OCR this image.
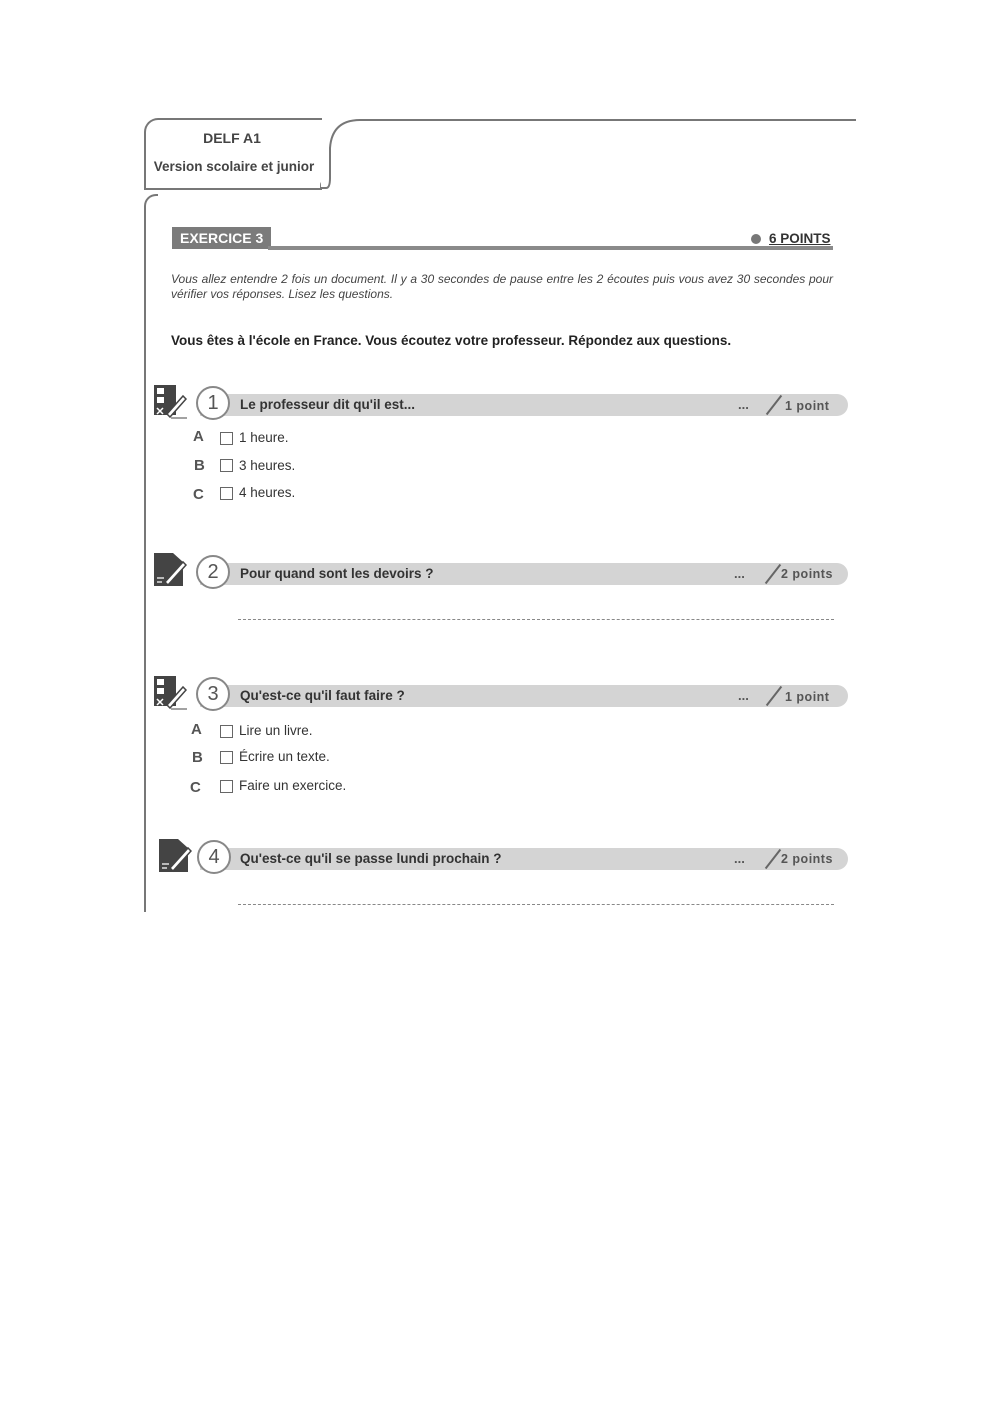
DELF A1
Version scolaire et junior
EXERCICE 3	6 POINTS
Vous allez entendre 2 fois un document. Il y a 30 secondes de pause entre les 2 écoutes puis vous avez 30 secondes pour vérifier vos réponses. Lisez les questions.
Vous êtes à l'école en France. Vous écoutez votre professeur. Répondez aux questions.
1	Le professeur dit qu'il est...	...	1 point
A	1 heure.
B	3 heures.
C	4 heures.
2	Pour quand sont les devoirs ?	...	2 points
3	Qu'est-ce qu'il faut faire ?	...	1 point
A	Lire un livre.
B	Écrire un texte.
C	Faire un exercice.
4	Qu'est-ce qu'il se passe lundi prochain ?	...	2 points
